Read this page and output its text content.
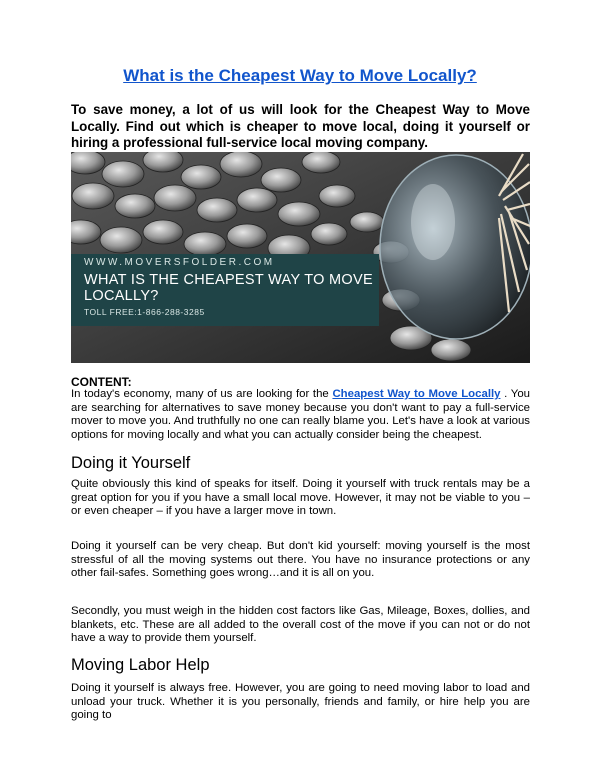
What is the Cheapest Way to Move Locally?

To save money, a lot of us will look for the Cheapest Way to Move Locally. Find out which is cheaper to move local, doing it yourself or hiring a professional full-service local moving company.

WWW.MOVERSFOLDER.COM
WHAT IS THE CHEAPEST WAY TO MOVE LOCALLY?
TOLL FREE:1-866-288-3285
CONTENT:

In today's economy, many of us are looking for the Cheapest Way to Move Locally . You are searching for alternatives to save money because you don't want to pay a full-service mover to move you. And truthfully no one can really blame you. Let's have a look at various options for moving locally and what you can actually consider being the cheapest.

Doing it Yourself

Quite obviously this kind of speaks for itself. Doing it yourself with truck rentals may be a great option for you if you have a small local move. However, it may not be viable to you – or even cheaper – if you have a larger move in town.

Doing it yourself can be very cheap. But don't kid yourself: moving yourself is the most stressful of all the moving systems out there. You have no insurance protections or any other fail-safes. Something goes wrong…and it is all on you.

Secondly, you must weigh in the hidden cost factors like Gas, Mileage, Boxes, dollies, and blankets, etc. These are all added to the overall cost of the move if you can not or do not have a way to provide them yourself.

Moving Labor Help

Doing it yourself is always free. However, you are going to need moving labor to load and unload your truck. Whether it is you personally, friends and family, or hire help you are going to
